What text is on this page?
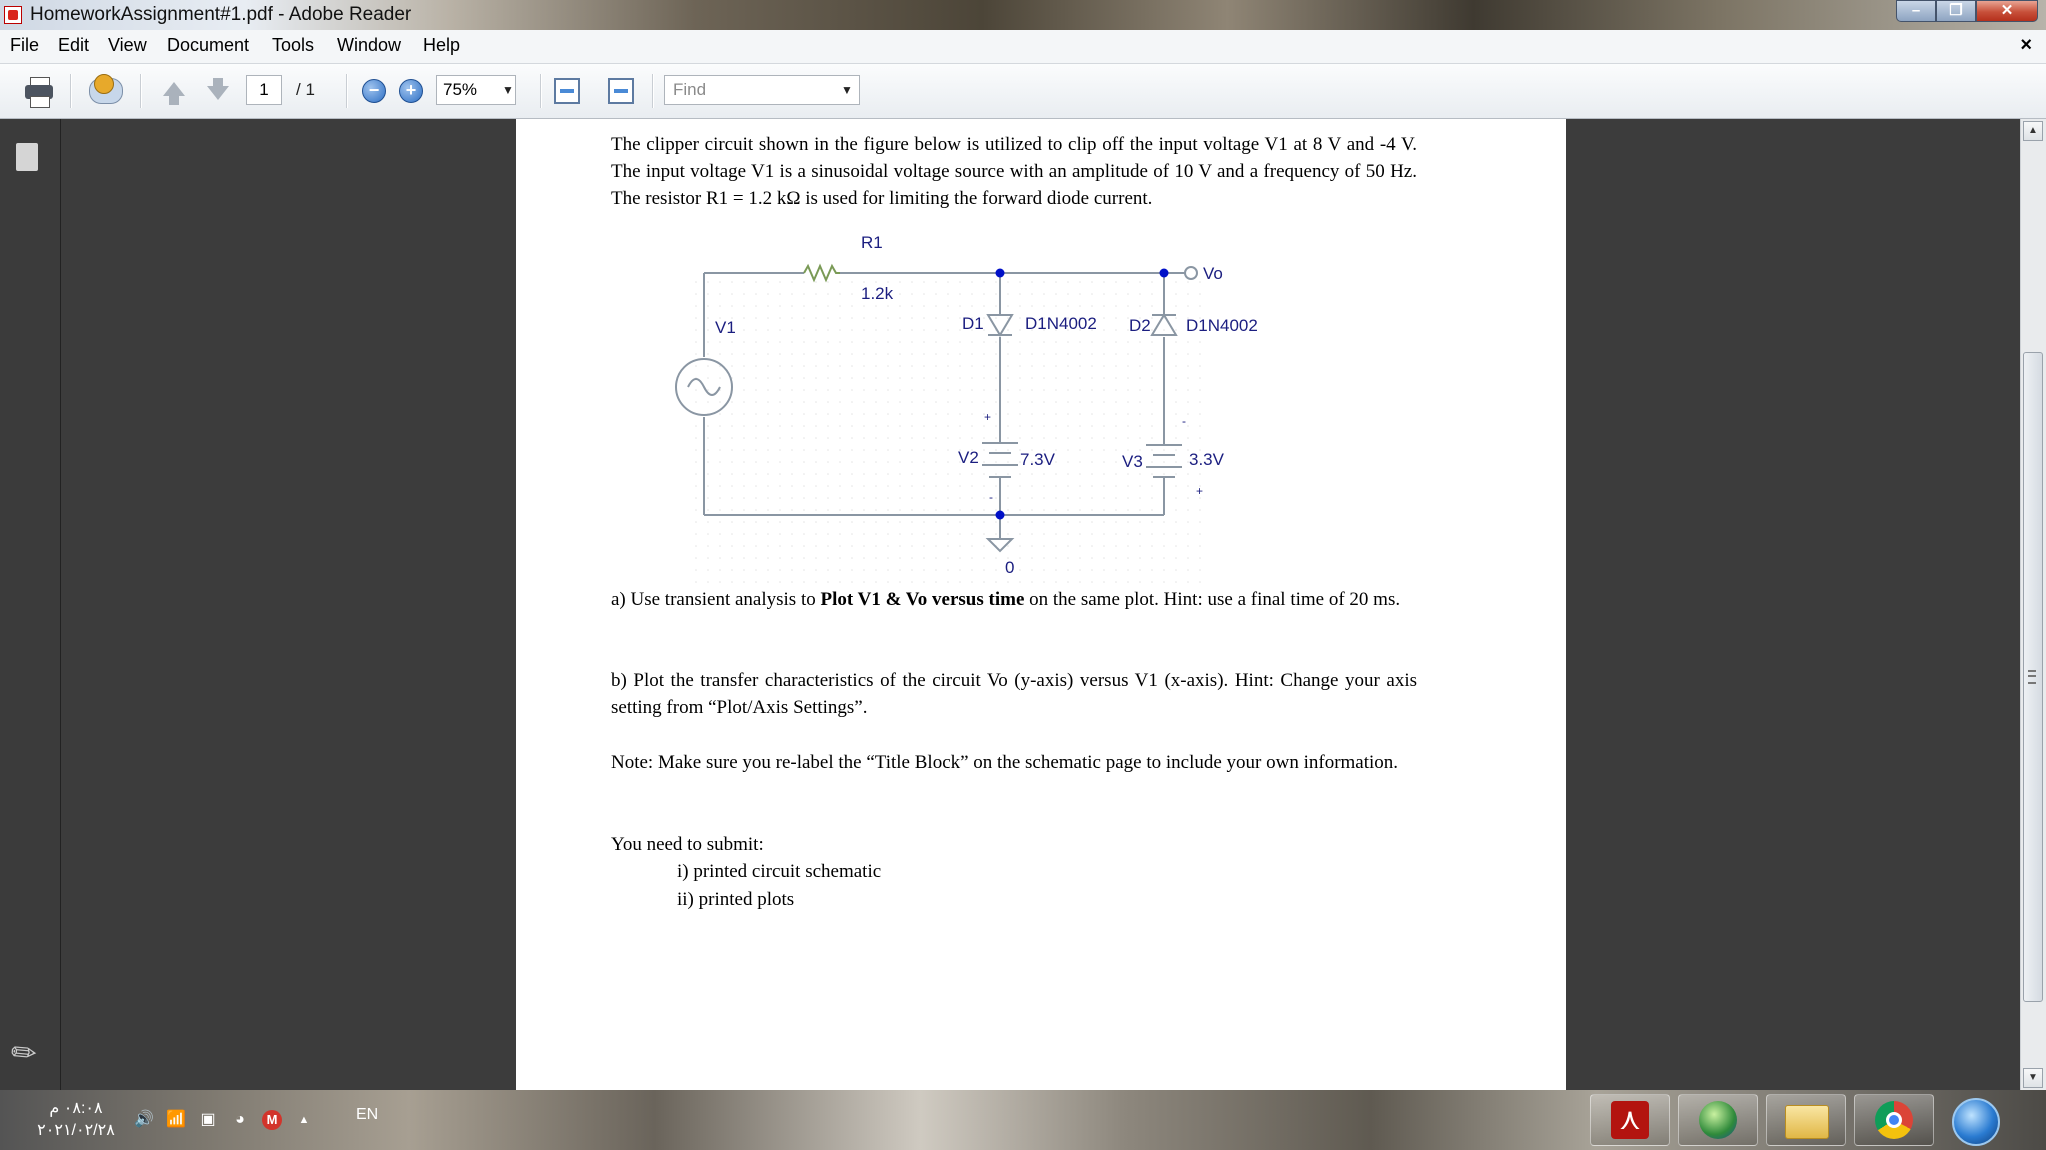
HomeworkAssignment#1.pdf - Adobe Reader	–	❐	✕
File Edit View Document Tools Window Help	×
1	/ 1	−	+	75%	▼	Find	▼
✎

The clipper circuit shown in the figure below is utilized to clip off the input voltage V1 at 8 V and -4 V. The input voltage V1 is a sinusoidal voltage source with an amplitude of 10 V and a frequency of 50 Hz. The resistor R1 = 1.2 kΩ is used for limiting the forward diode current.

R1
1.2k
Vo
V1	D1 D1N4002 D2 D1N4002
V2 7.3V	V3	3.3V
0
+
-	+
-
a) Use transient analysis to Plot V1 & Vo versus time on the same plot. Hint: use a final time of 20 ms.
b) Plot the transfer characteristics of the circuit Vo (y-axis) versus V1 (x-axis). Hint: Change your axis setting from “Plot/Axis Settings”.
Note: Make sure you re-label the “Title Block” on the schematic page to include your own information.
You need to submit:
i) printed circuit schematic
ii) printed plots
▲
▼
٠٨:٠٨ م
٢٠٢١/٠٢/٢٨
🔊 📶 ▣	◕	M	▲	EN
⋏
